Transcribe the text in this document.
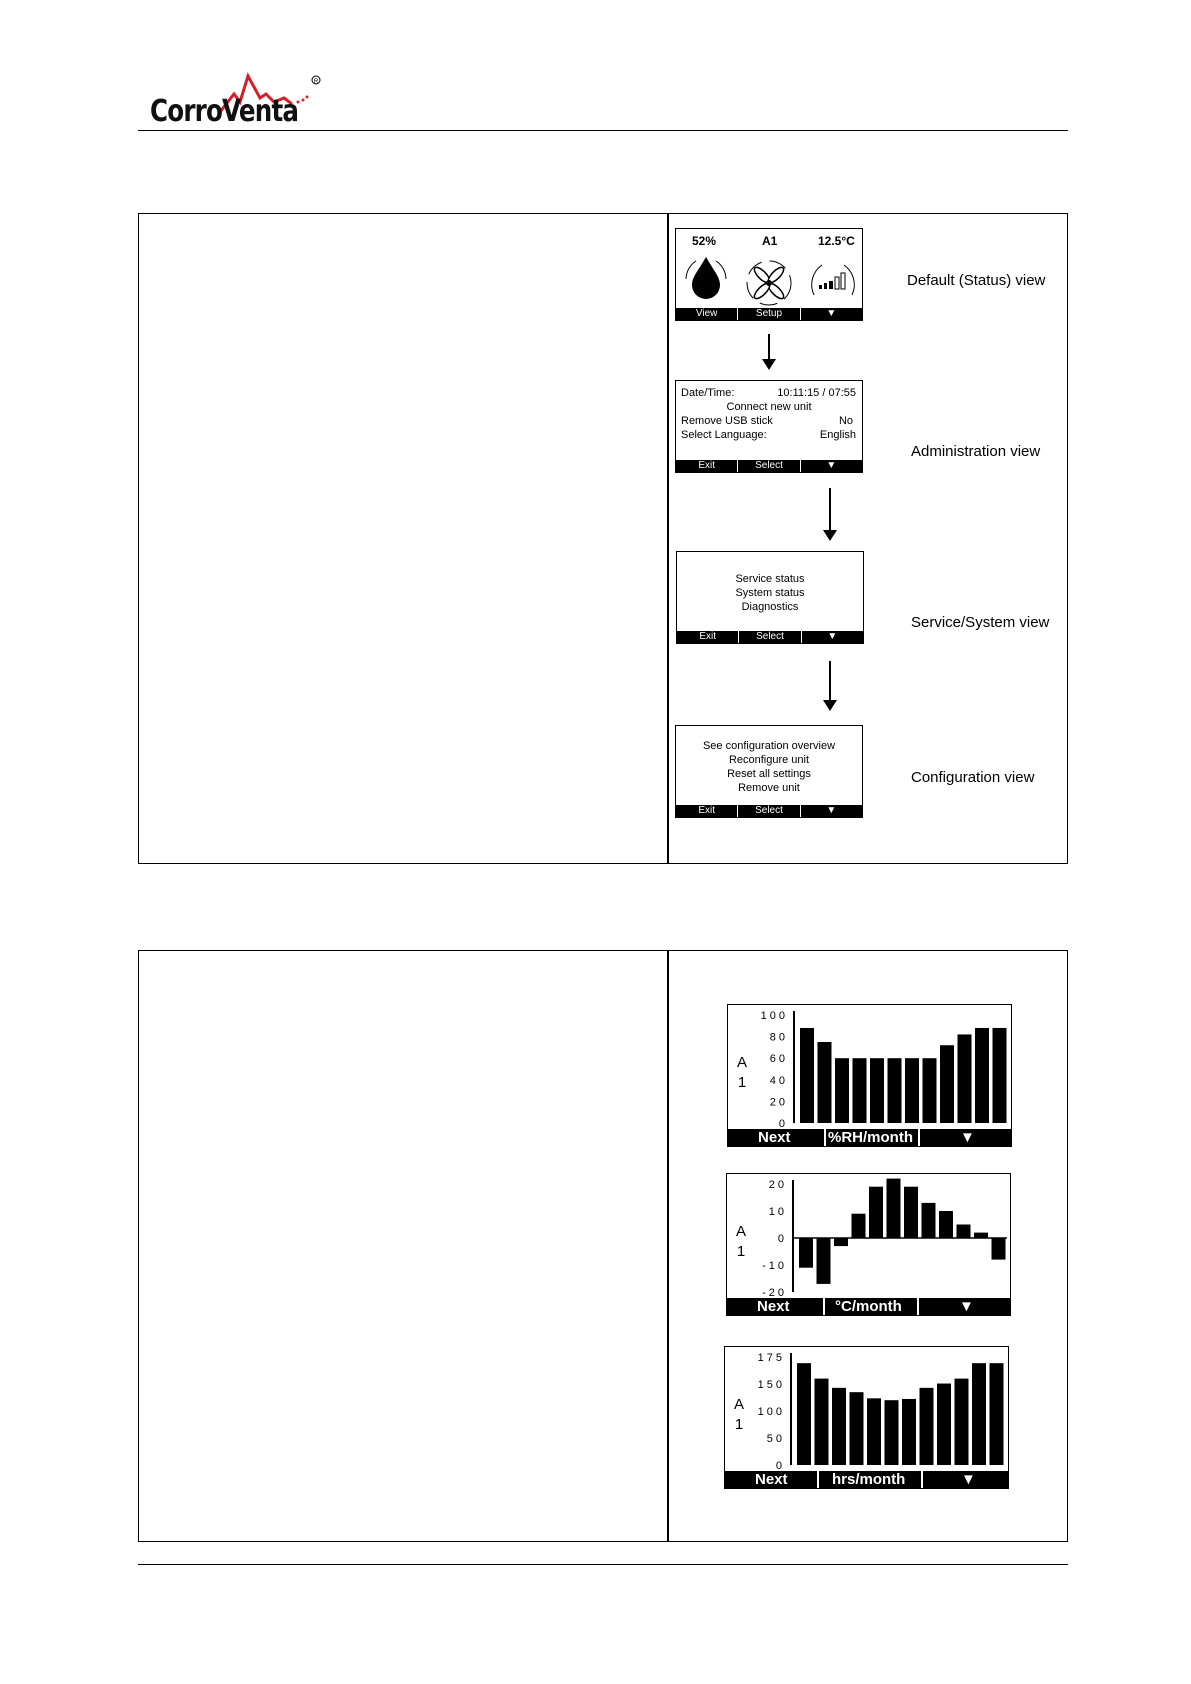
R
CorroVenta
52%	A1	12.5°C
View	Setup	▼
Default (Status) view
Date/Time:	10:11:15 / 07:55
Connect new unit
Remove USB stick	No
Select Language:	English
Exit	Select	▼
Administration view
Service status
System status
Diagnostics
Exit	Select	▼
Service/System view
See configuration overview
Reconfigure unit
Reset all settings
Remove unit
Exit	Select	▼
Configuration view
A
1
100
80
60
40
20
0
Next %RH/month	▼
A
1
20
10
0
-10
-20
Next	°C/month	▼
A
1
175
150
100
50
0
Next	hrs/month	▼
